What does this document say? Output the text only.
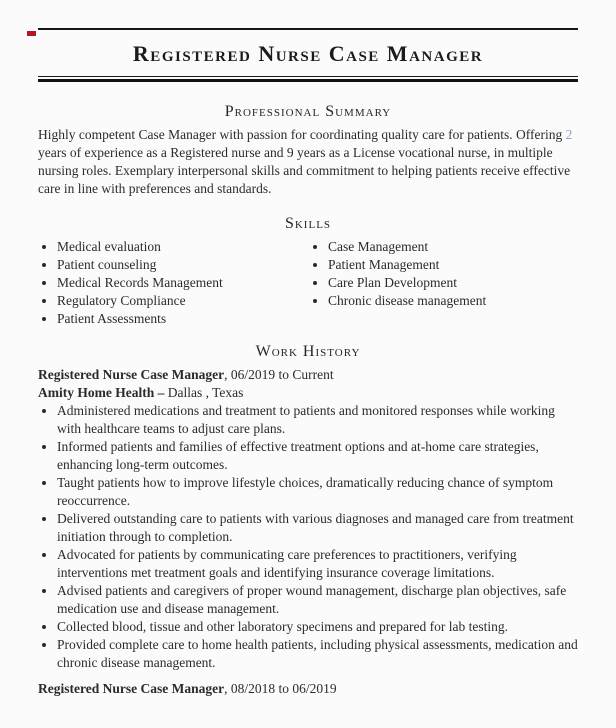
Registered Nurse Case Manager
Professional Summary

Highly competent Case Manager with passion for coordinating quality care for patients. Offering 2 years of experience as a Registered nurse and 9 years as a License vocational nurse, in multiple nursing roles. Exemplary interpersonal skills and commitment to helping patients receive effective care in line with preferences and standards.

Skills
• Medical evaluation
• Patient counseling
• Medical Records Management
• Regulatory Compliance
• Patient Assessments
• Case Management
• Patient Management
• Care Plan Development
• Chronic disease management
Work History
Registered Nurse Case Manager, 06/2019 to Current
Amity Home Health – Dallas , Texas
• Administered medications and treatment to patients and monitored responses while working with healthcare teams to adjust care plans.
• Informed patients and families of effective treatment options and at-home care strategies, enhancing long-term outcomes.
• Taught patients how to improve lifestyle choices, dramatically reducing chance of symptom reoccurrence.
• Delivered outstanding care to patients with various diagnoses and managed care from treatment initiation through to completion.
• Advocated for patients by communicating care preferences to practitioners, verifying interventions met treatment goals and identifying insurance coverage limitations.
• Advised patients and caregivers of proper wound management, discharge plan objectives, safe medication use and disease management.
• Collected blood, tissue and other laboratory specimens and prepared for lab testing.
• Provided complete care to home health patients, including physical assessments, medication and chronic disease management.
Registered Nurse Case Manager, 08/2018 to 06/2019
